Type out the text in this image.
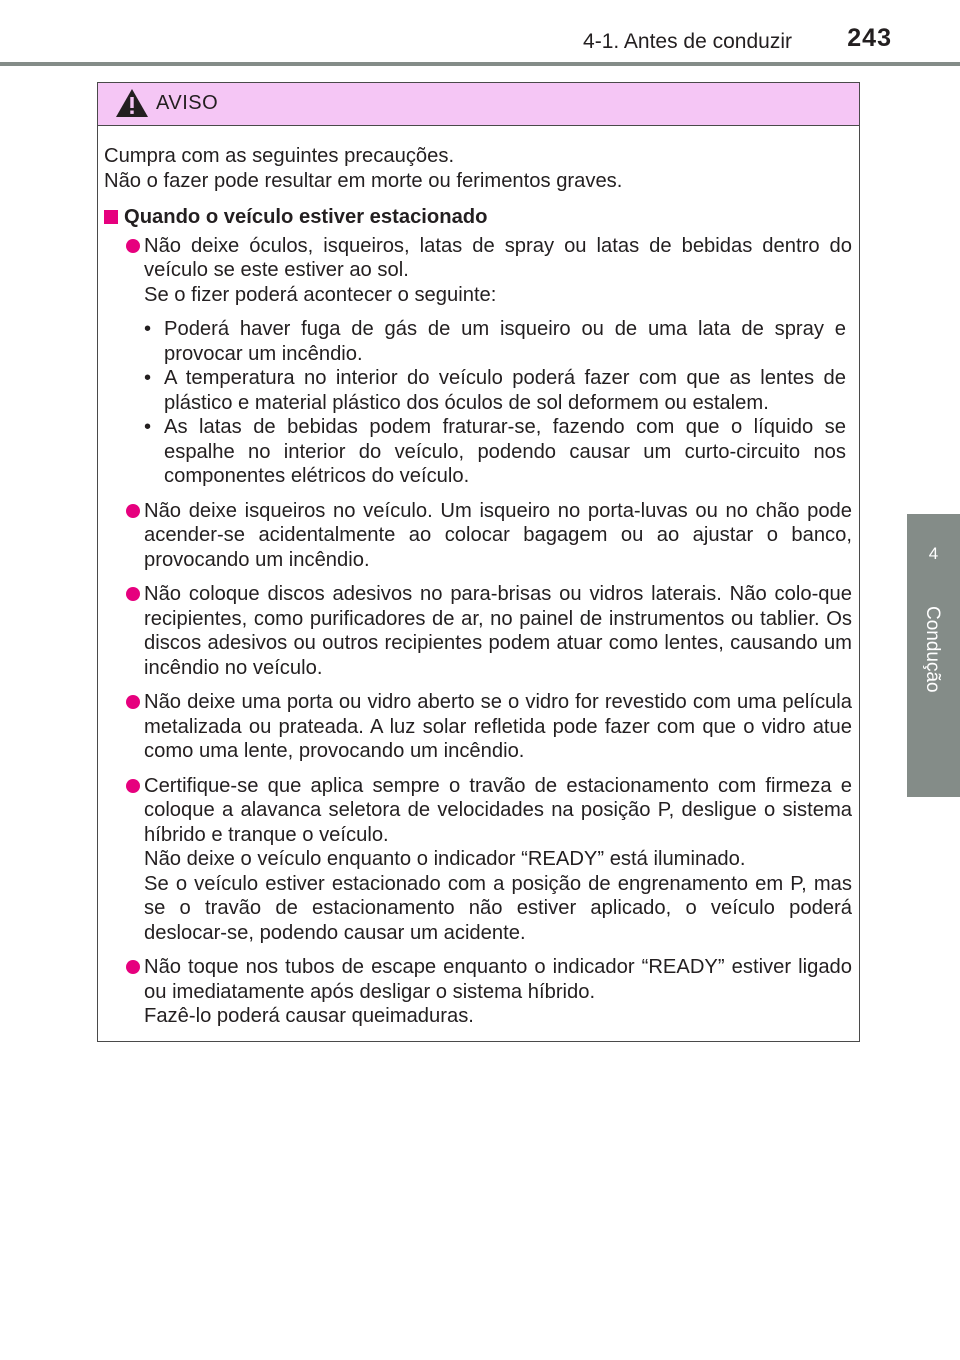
4-1. Antes de conduzir	243
4
Condução
AVISO

Cumpra com as seguintes precauções.

Não o fazer pode resultar em morte ou ferimentos graves.

Quando o veículo estiver estacionado

Não deixe óculos, isqueiros, latas de spray ou latas de bebidas dentro do veículo se este estiver ao sol.

Se o fizer poderá acontecer o seguinte:

• Poderá haver fuga de gás de um isqueiro ou de uma lata de spray e provocar um incêndio.
• A temperatura no interior do veículo poderá fazer com que as lentes de plástico e material plástico dos óculos de sol deformem ou estalem.
• As latas de bebidas podem fraturar-se, fazendo com que o líquido se espalhe no interior do veículo, podendo causar um curto-circuito nos componentes elétricos do veículo.

Não deixe isqueiros no veículo. Um isqueiro no porta-luvas ou no chão pode acender-se acidentalmente ao colocar bagagem ou ao ajustar o banco, provocando um incêndio.

Não coloque discos adesivos no para-brisas ou vidros laterais. Não colo-que recipientes, como purificadores de ar, no painel de instrumentos ou tablier. Os discos adesivos ou outros recipientes podem atuar como lentes, causando um incêndio no veículo.

Não deixe uma porta ou vidro aberto se o vidro for revestido com uma película metalizada ou prateada. A luz solar refletida pode fazer com que o vidro atue como uma lente, provocando um incêndio.

Certifique-se que aplica sempre o travão de estacionamento com firmeza e coloque a alavanca seletora de velocidades na posição P, desligue o sistema híbrido e tranque o veículo.

Não deixe o veículo enquanto o indicador “READY” está iluminado.

Se o veículo estiver estacionado com a posição de engrenamento em P, mas se o travão de estacionamento não estiver aplicado, o veículo poderá deslocar-se, podendo causar um acidente.

Não toque nos tubos de escape enquanto o indicador “READY” estiver ligado ou imediatamente após desligar o sistema híbrido.

Fazê-lo poderá causar queimaduras.
